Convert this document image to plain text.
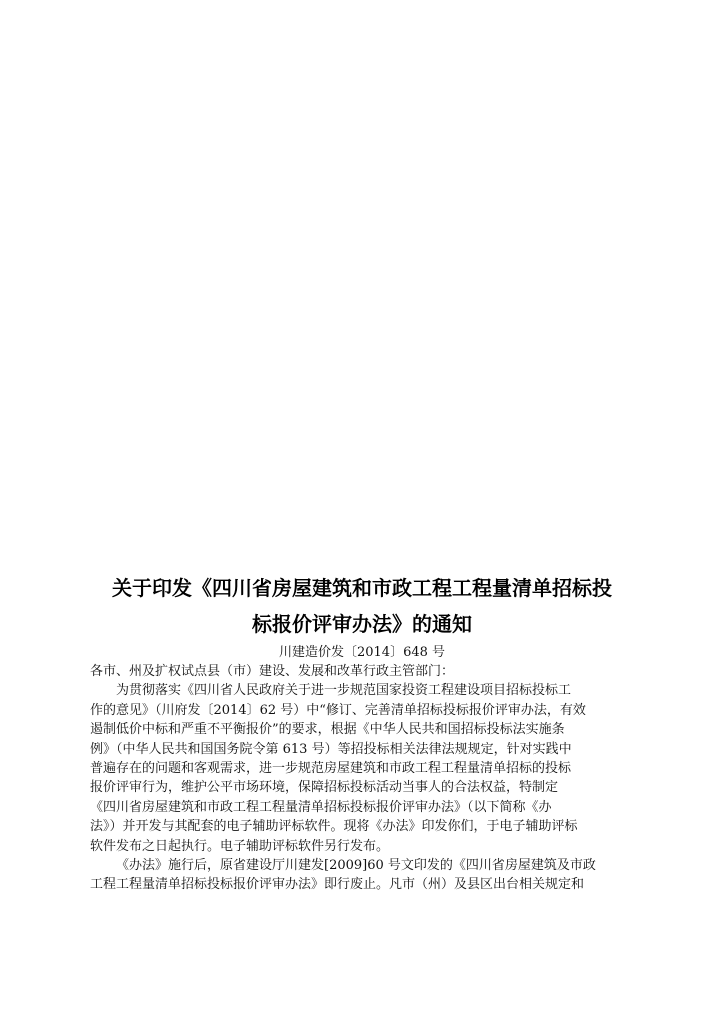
关于印发《四川省房屋建筑和市政工程工程量清单招标投
标报价评审办法》的通知
川建造价发〔2014〕648 号
各市、州及扩权试点县（市）建设、发展和改革行政主管部门：
为贯彻落实《四川省人民政府关于进一步规范国家投资工程建设项目招标投标工
作的意见》（川府发〔2014〕62 号）中“修订、完善清单招标投标报价评审办法，有效
遏制低价中标和严重不平衡报价”的要求，根据《中华人民共和国招标投标法实施条
例》（中华人民共和国国务院令第 613 号）等招投标相关法律法规规定，针对实践中
普遍存在的问题和客观需求，进一步规范房屋建筑和市政工程工程量清单招标的投标
报价评审行为，维护公平市场环境，保障招标投标活动当事人的合法权益，特制定
《四川省房屋建筑和市政工程工程量清单招标投标报价评审办法》（以下简称《办
法》）并开发与其配套的电子辅助评标软件。现将《办法》印发你们，于电子辅助评标
软件发布之日起执行。电子辅助评标软件另行发布。
《办法》施行后，原省建设厅川建发[2009]60 号文印发的《四川省房屋建筑及市政
工程工程量清单招标投标报价评审办法》即行废止。凡市（州）及县区出台相关规定和
